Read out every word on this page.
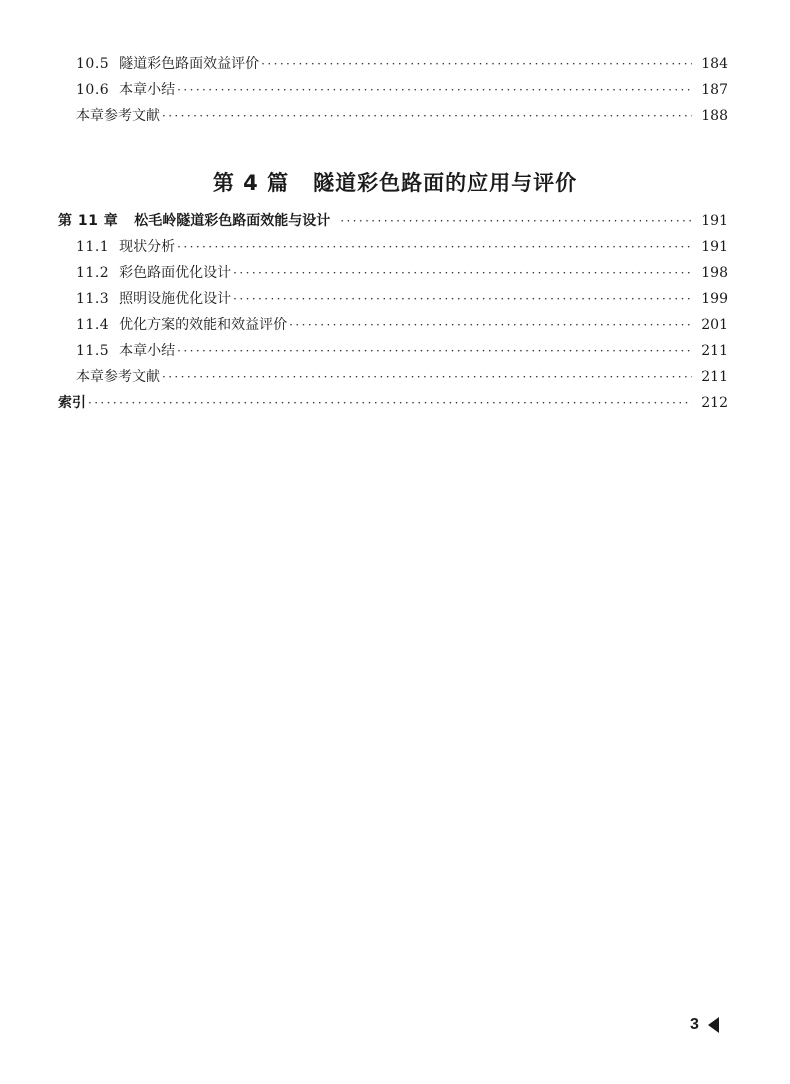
10.5 隧道彩色路面效益评价 ·····	184
10.6 本章小结 ·····	187
本章参考文献 ·····	188
第 4 篇 隧道彩色路面的应用与评价
第 11 章 松毛岭隧道彩色路面效能与设计 ·····	191
11.1 现状分析 ·····	191
11.2 彩色路面优化设计 ·····	198
11.3 照明设施优化设计 ·····	199
11.4 优化方案的效能和效益评价 ·····	201
11.5 本章小结 ·····	211
本章参考文献 ·····	211
索引 ·····	212
3
